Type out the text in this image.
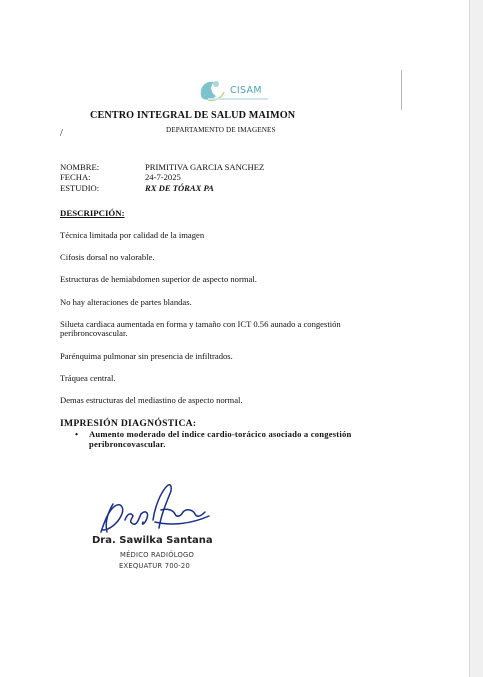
CISAM
CENTRO INTEGRAL DE SALUD MAIMON
/	DEPARTAMENTO DE IMAGENES
NOMBRE:	PRIMITIVA GARCIA SANCHEZ
FECHA:	24-7-2025
ESTUDIO:	RX DE TÓRAX PA
DESCRIPCIÓN:

Técnica limitada por calidad de la imagen

Cifosis dorsal no valorable.

Estructuras de hemiabdomen superior de aspecto normal.

No hay alteraciones de partes blandas.

Silueta cardiaca aumentada en forma y tamaño con ICT 0.56 aunado a congestión peribroncovascular.

Parénquima pulmonar sin presencia de infiltrados.

Tráquea central.

Demas estructuras del mediastino de aspecto normal.

IMPRESIÓN DIAGNÓSTICA:
•	Aumento moderado del índice cardio-torácico asociado a congestión peribroncovascular.
Dra. Sawilka Santana
MÉDICO RADIÓLOGO
EXEQUATUR 700-20
